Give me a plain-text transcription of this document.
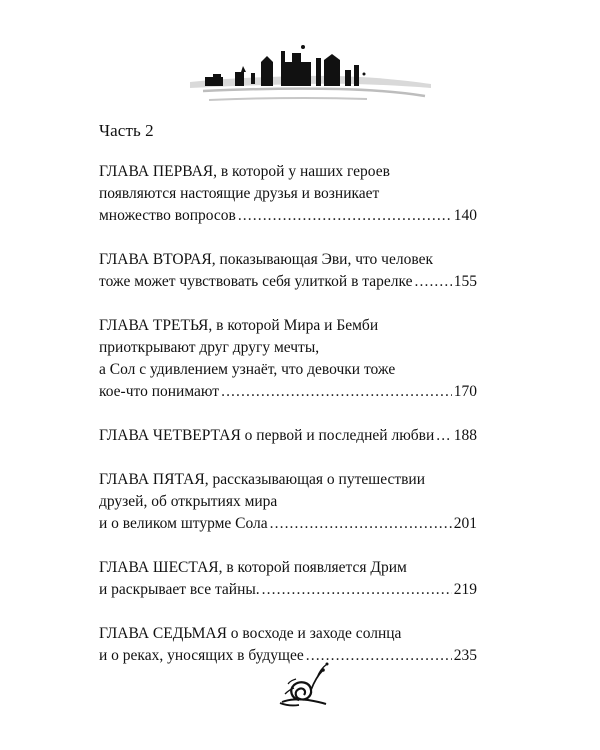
Часть 2
ГЛАВА ПЕРВАЯ, в которой у наших героев
появляются настоящие друзья и возникает
множество вопросов .....	140
ГЛАВА ВТОРАЯ, показывающая Эви, что человек
тоже может чувствовать себя улиткой в тарелке .....	155
ГЛАВА ТРЕТЬЯ, в которой Мира и Бемби
приоткрывают друг другу мечты,
а Сол с удивлением узнаёт, что девочки тоже
кое-что понимают .....	170
ГЛАВА ЧЕТВЕРТАЯ о первой и последней любви ..... 188
ГЛАВА ПЯТАЯ, рассказывающая о путешествии
друзей, об открытиях мира
и о великом штурме Сола .....	201
ГЛАВА ШЕСТАЯ, в которой появляется Дрим
и раскрывает все тайны. .....	219
ГЛАВА СЕДЬМАЯ о восходе и заходе солнца
и о реках, уносящих в будущее .....	235
